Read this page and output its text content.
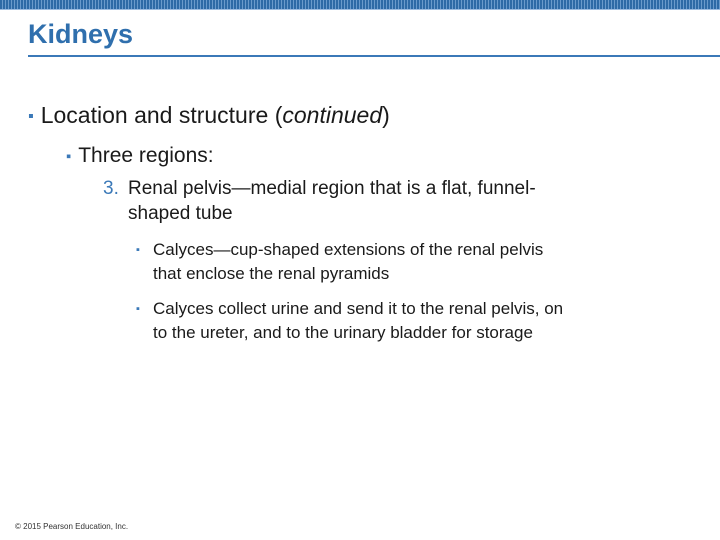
Kidneys
▪ Location and structure (continued)
▪ Three regions:
3. Renal pelvis—medial region that is a flat, funnel-
shaped tube
▪ Calyces—cup-shaped extensions of the renal pelvis
that enclose the renal pyramids
▪ Calyces collect urine and send it to the renal pelvis, on
to the ureter, and to the urinary bladder for storage
© 2015 Pearson Education, Inc.
